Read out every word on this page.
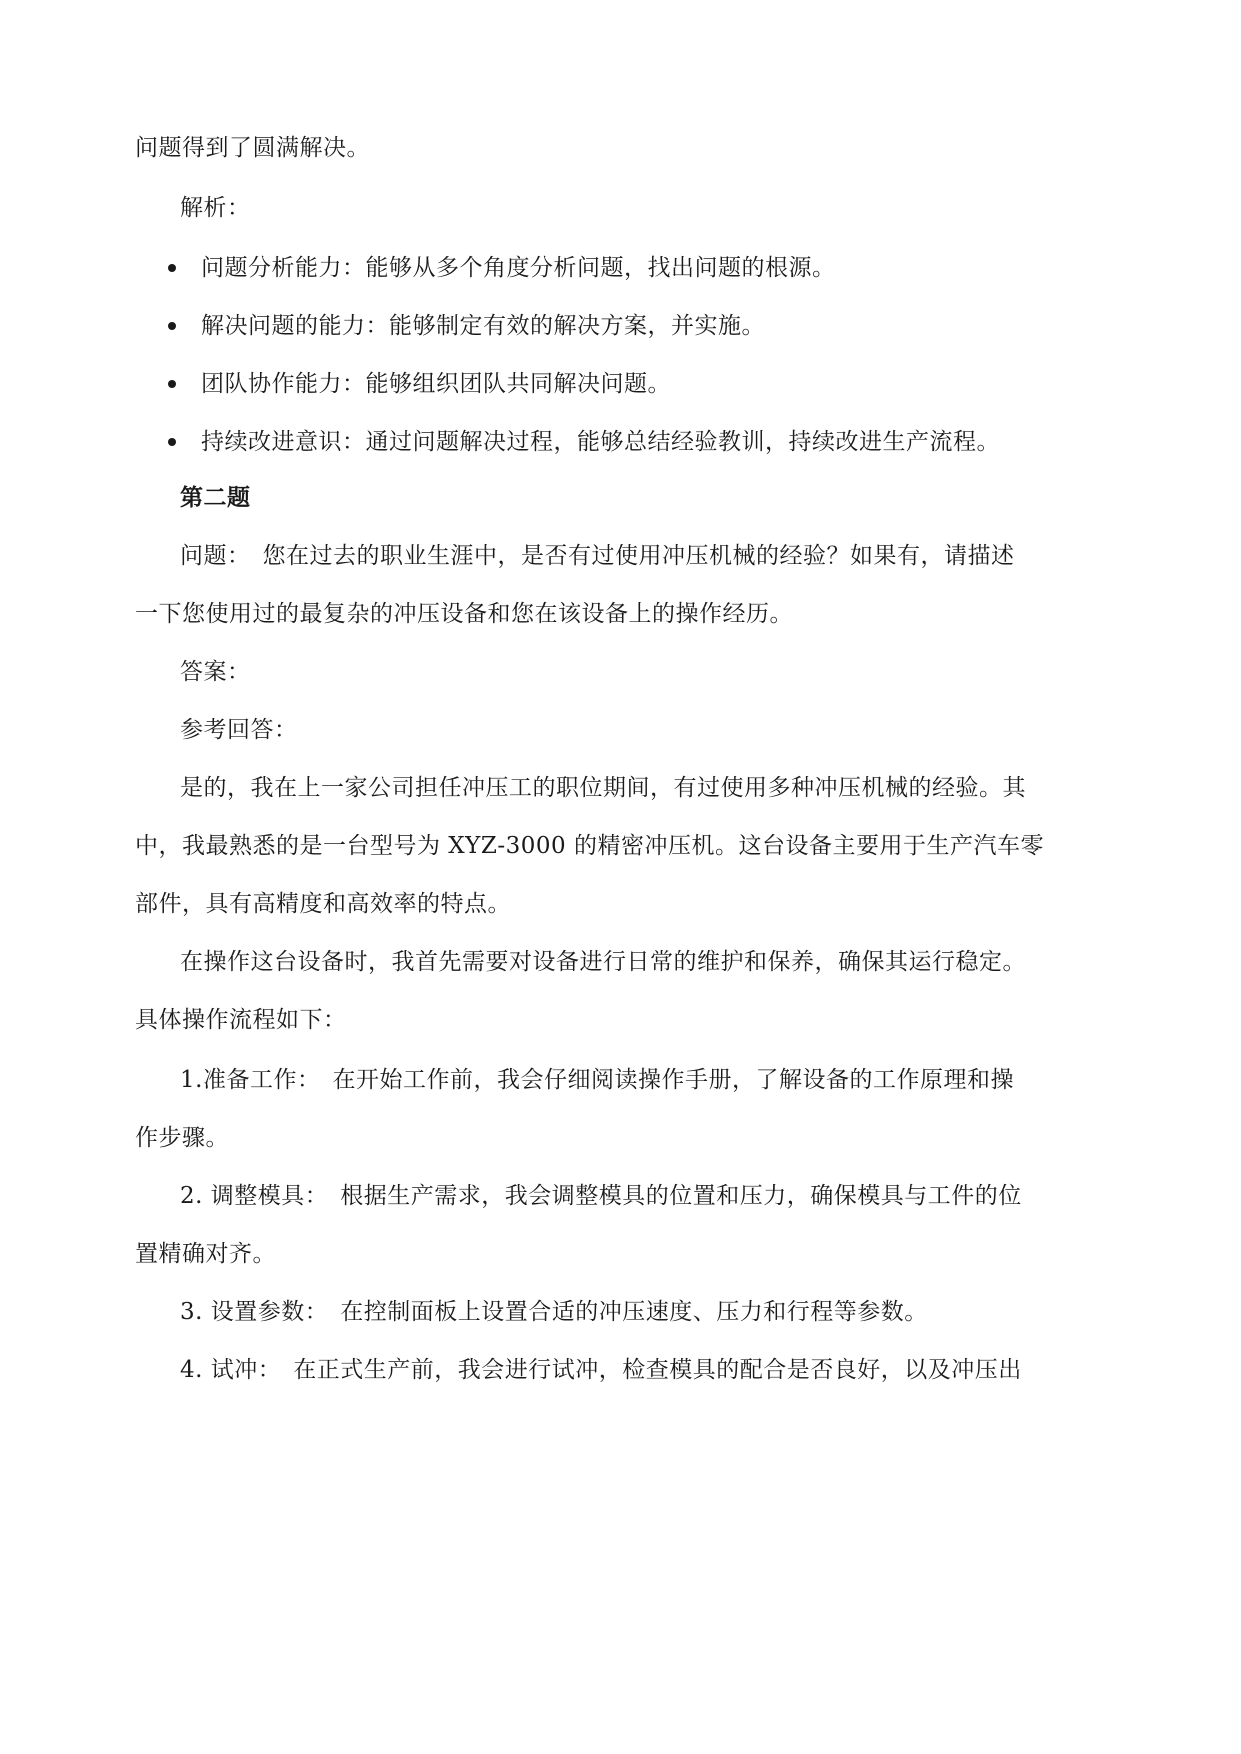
问题得到了圆满解决。
解析：
问题分析能力：能够从多个角度分析问题，找出问题的根源。
解决问题的能力：能够制定有效的解决方案，并实施。
团队协作能力：能够组织团队共同解决问题。
持续改进意识：通过问题解决过程，能够总结经验教训，持续改进生产流程。
第二题
问题：　您在过去的职业生涯中，是否有过使用冲压机械的经验？如果有，请描述
一下您使用过的最复杂的冲压设备和您在该设备上的操作经历。
答案：
参考回答：
是的，我在上一家公司担任冲压工的职位期间，有过使用多种冲压机械的经验。其
中，我最熟悉的是一台型号为 XYZ-3000 的精密冲压机。这台设备主要用于生产汽车零
部件，具有高精度和高效率的特点。
在操作这台设备时，我首先需要对设备进行日常的维护和保养，确保其运行稳定。
具体操作流程如下：
1.准备工作：　在开始工作前，我会仔细阅读操作手册，了解设备的工作原理和操
作步骤。
2. 调整模具：　根据生产需求，我会调整模具的位置和压力，确保模具与工件的位
置精确对齐。
3. 设置参数：　在控制面板上设置合适的冲压速度、压力和行程等参数。
4. 试冲：　在正式生产前，我会进行试冲，检查模具的配合是否良好，以及冲压出
